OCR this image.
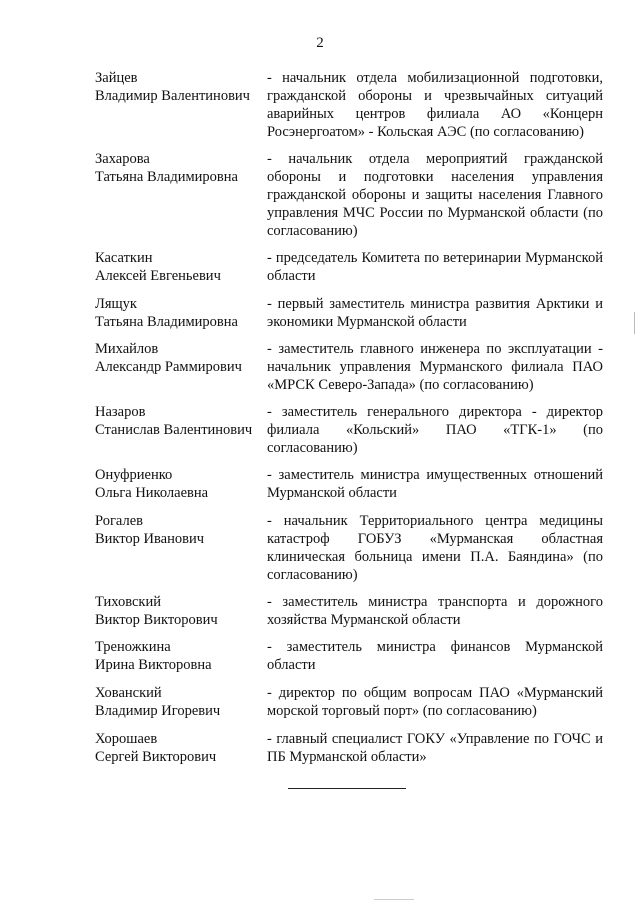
2
Зайцев
Владимир Валентинович
- начальник отдела мобилизационной подготовки, гражданской обороны и чрезвычайных ситуаций аварийных центров филиала АО «Концерн Росэнергоатом» - Кольская АЭС (по согласованию)
Захарова
Татьяна Владимировна
- начальник отдела мероприятий гражданской обороны и подготовки населения управления гражданской обороны и защиты населения Главного управления МЧС России по Мурманской области (по согласованию)
Касаткин
Алексей Евгеньевич
- председатель Комитета по ветеринарии Мурманской области
Лящук
Татьяна Владимировна
- первый заместитель министра развития Арктики и экономики Мурманской области
Михайлов
Александр Раммирович
- заместитель главного инженера по эксплуатации - начальник управления Мурманского филиала ПАО «МРСК Северо-Запада» (по согласованию)
Назаров
Станислав Валентинович
- заместитель генерального директора - директор филиала «Кольский» ПАО «ТГК-1» (по согласованию)
Онуфриенко
Ольга Николаевна
- заместитель министра имущественных отношений Мурманской области
Рогалев
Виктор Иванович
- начальник Территориального центра медицины катастроф ГОБУЗ «Мурманская областная клиническая больница имени П.А. Баяндина» (по согласованию)
Тиховский
Виктор Викторович
- заместитель министра транспорта и дорожного хозяйства Мурманской области
Треножкина
Ирина Викторовна
- заместитель министра финансов Мурманской области
Хованский
Владимир Игоревич
- директор по общим вопросам ПАО «Мурманский морской торговый порт» (по согласованию)
Хорошаев
Сергей Викторович
- главный специалист ГОКУ «Управление по ГОЧС и ПБ Мурманской области»
